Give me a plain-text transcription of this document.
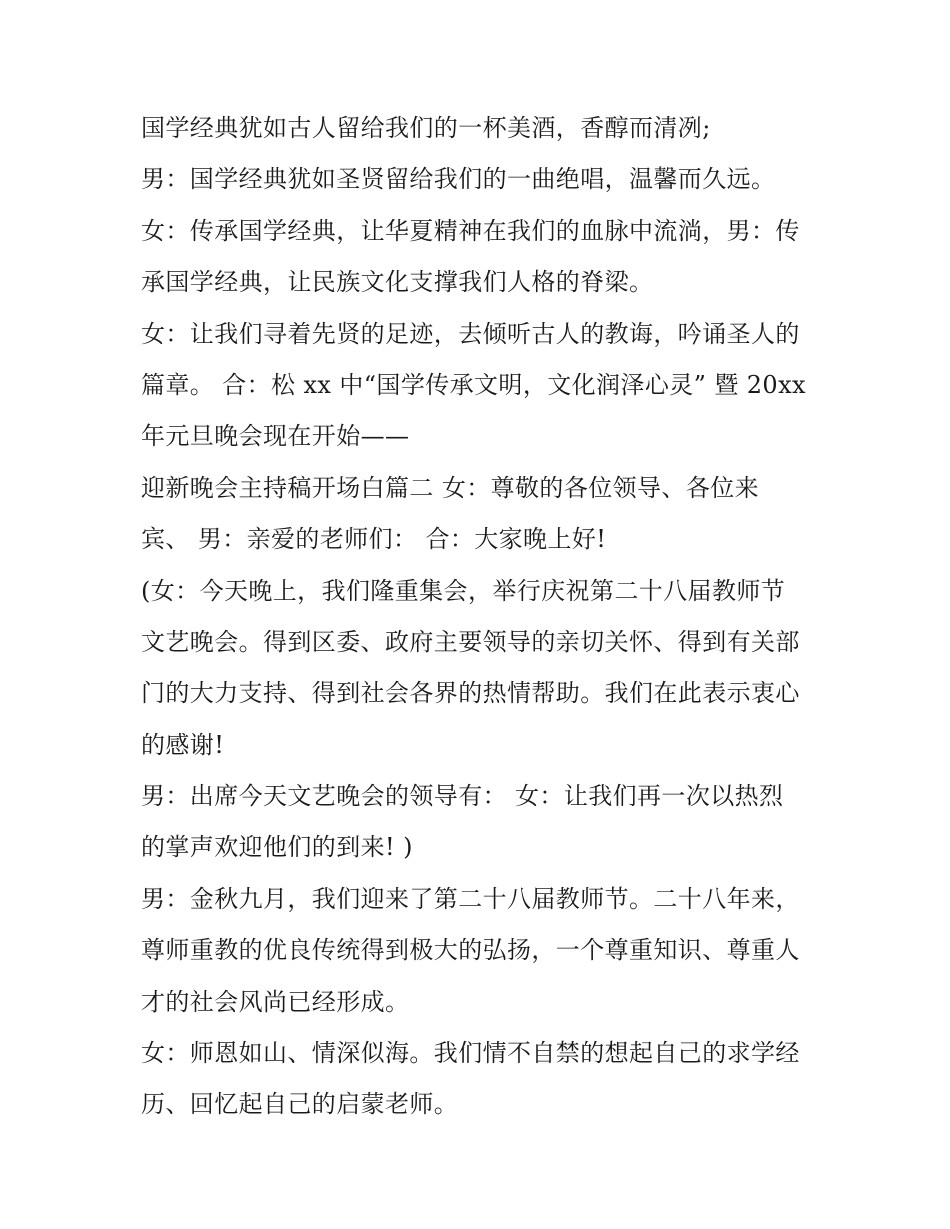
国学经典犹如古人留给我们的一杯美酒，香醇而清冽;
男：国学经典犹如圣贤留给我们的一曲绝唱，温馨而久远。
女：传承国学经典，让华夏精神在我们的血脉中流淌，男：传
承国学经典，让民族文化支撑我们人格的脊梁。
女：让我们寻着先贤的足迹，去倾听古人的教诲，吟诵圣人的
篇章。 合：松 xx 中“国学传承文明，文化润泽心灵” 暨 20xx
年元旦晚会现在开始——
迎新晚会主持稿开场白篇二 女：尊敬的各位领导、各位来
宾、 男：亲爱的老师们： 合：大家晚上好!
(女：今天晚上，我们隆重集会，举行庆祝第二十八届教师节
文艺晚会。得到区委、政府主要领导的亲切关怀、得到有关部
门的大力支持、得到社会各界的热情帮助。我们在此表示衷心
的感谢!
男：出席今天文艺晚会的领导有： 女：让我们再一次以热烈
的掌声欢迎他们的到来! )
男：金秋九月，我们迎来了第二十八届教师节。二十八年来，
尊师重教的优良传统得到极大的弘扬，一个尊重知识、尊重人
才的社会风尚已经形成。
女：师恩如山、情深似海。我们情不自禁的想起自己的求学经
历、回忆起自己的启蒙老师。
